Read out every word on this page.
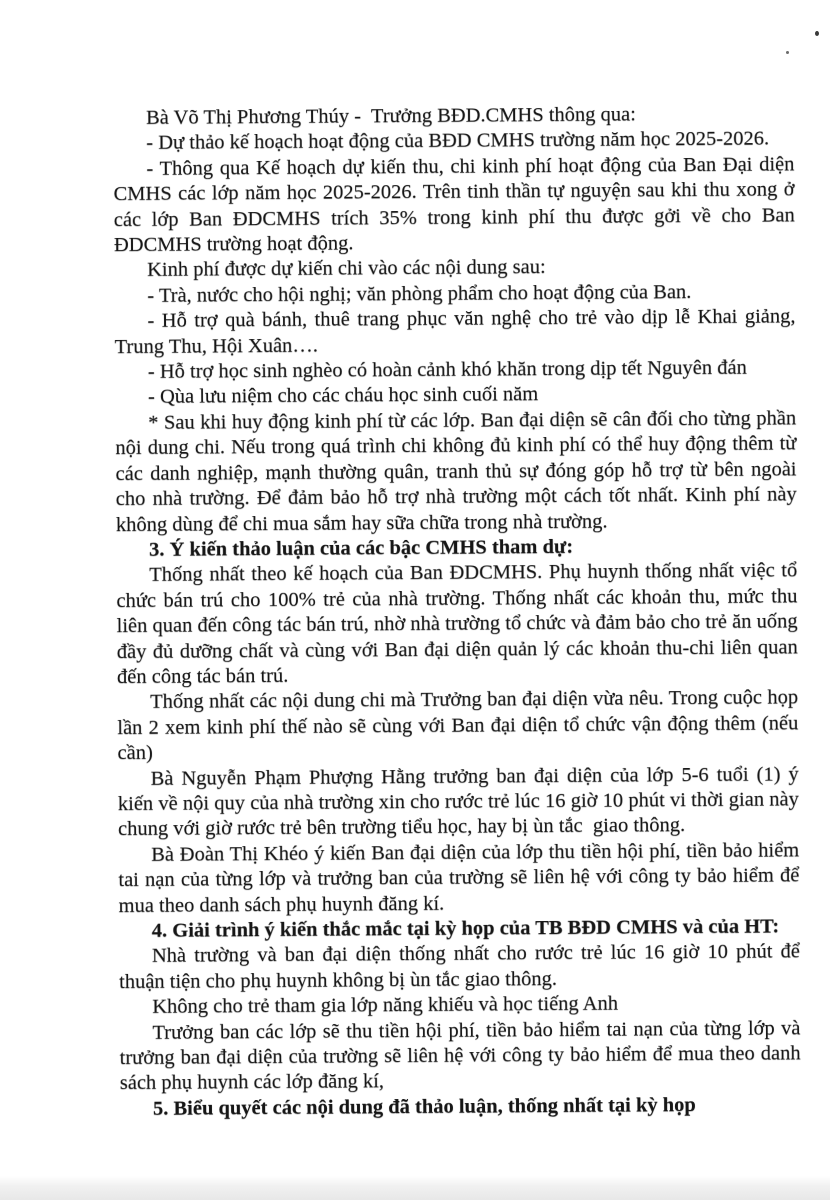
Bà Võ Thị Phương Thúy -  Trưởng BĐD.CMHS thông qua:

- Dự thảo kế hoạch hoạt động của BĐD CMHS trường năm học 2025-2026.

- Thông qua Kế hoạch dự kiến thu, chi kinh phí hoạt động của Ban Đại diện CMHS các lớp năm học 2025-2026. Trên tinh thần tự nguyện sau khi thu xong ở các lớp Ban ĐDCMHS trích 35% trong kinh phí thu được gởi về cho Ban ĐDCMHS trường hoạt động.

Kinh phí được dự kiến chi vào các nội dung sau:

- Trà, nước cho hội nghị; văn phòng phẩm cho hoạt động của Ban.

- Hỗ trợ quà bánh, thuê trang phục văn nghệ cho trẻ vào dịp lễ Khai giảng, Trung Thu, Hội Xuân….

- Hỗ trợ học sinh nghèo có hoàn cảnh khó khăn trong dịp tết Nguyên đán

- Qùa lưu niệm cho các cháu học sinh cuối năm

* Sau khi huy động kinh phí từ các lớp. Ban đại diện sẽ cân đối cho từng phần nội dung chi. Nếu trong quá trình chi không đủ kinh phí có thể huy động thêm từ các danh nghiệp, mạnh thường quân, tranh thủ sự đóng góp hỗ trợ từ bên ngoài cho nhà trường. Để đảm bảo hỗ trợ nhà trường một cách tốt nhất. Kinh phí này không dùng để chi mua sắm hay sữa chữa trong nhà trường.

3. Ý kiến thảo luận của các bậc CMHS tham dự:

Thống nhất theo kế hoạch của Ban ĐDCMHS. Phụ huynh thống nhất việc tổ chức bán trú cho 100% trẻ của nhà trường. Thống nhất các khoản thu, mức thu liên quan đến công tác bán trú, nhờ nhà trường tổ chức và đảm bảo cho trẻ ăn uống đầy đủ dưỡng chất và cùng với Ban đại diện quản lý các khoản thu-chi liên quan đến công tác bán trú.

Thống nhất các nội dung chi mà Trưởng ban đại diện vừa nêu. Trong cuộc họp lần 2 xem kinh phí thế nào sẽ cùng với Ban đại diện tổ chức vận động thêm (nếu cần)

Bà Nguyễn Phạm Phượng Hằng trưởng ban đại diện của lớp 5-6 tuổi (1) ý kiến về nội quy của nhà trường xin cho rước trẻ lúc 16 giờ 10 phút vi thời gian này chung với giờ rước trẻ bên trường tiểu học, hay bị ùn tắc  giao thông.

Bà Đoàn Thị Khéo ý kiến Ban đại diện của lớp thu tiền hội phí, tiền bảo hiểm tai nạn của từng lớp và trưởng ban của trường sẽ liên hệ với công ty bảo hiểm để mua theo danh sách phụ huynh đăng kí.

4. Giải trình ý kiến thắc mắc tại kỳ họp của TB BĐD CMHS và của HT:

Nhà trường và ban đại diện thống nhất cho rước trẻ lúc 16 giờ 10 phút để thuận tiện cho phụ huynh không bị ùn tắc giao thông.

Không cho trẻ tham gia lớp năng khiếu và học tiếng Anh

Trưởng ban các lớp sẽ thu tiền hội phí, tiền bảo hiểm tai nạn của từng lớp và trưởng ban đại diện của trường sẽ liên hệ với công ty bảo hiểm để mua theo danh sách phụ huynh các lớp đăng kí,

5. Biểu quyết các nội dung đã thảo luận, thống nhất tại kỳ họp
